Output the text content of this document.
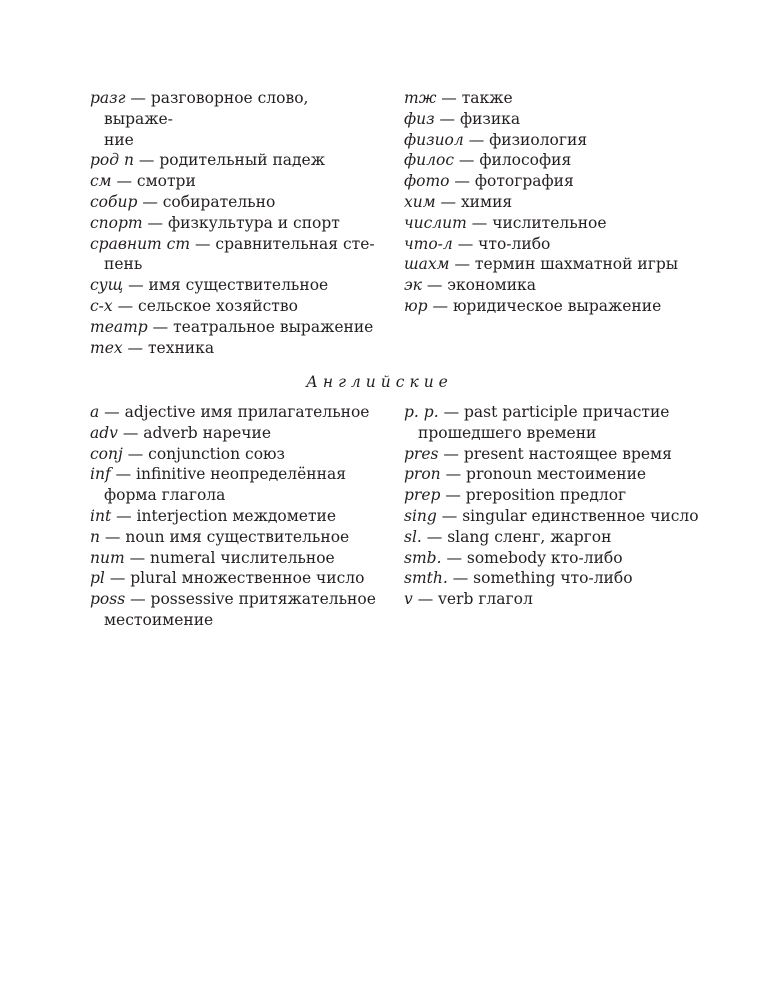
разг — разговорное слово, выраже-
ние
род п — родительный падеж
см — смотри
собир — собирательно
спорт — физкультура и спорт
сравнит ст — сравнительная сте-
пень
сущ — имя существительное
с-х — сельское хозяйство
театр — театральное выражение
тех — техника
тж — также
физ — физика
физиол — физиология
филос — философия
фото — фотография
хим — химия
числит — числительное
что-л — что-либо
шахм — термин шахматной игры
эк — экономика
юр — юридическое выражение
Английские
a — adjective имя прилагательное
adv — adverb наречие
conj — conjunction союз
inf — infinitive неопределённая
форма глагола
int — interjection междометие
n — noun имя существительное
num — numeral числительное
pl — plural множественное число
poss — possessive притяжательное
местоимение
p. p. — past participle причастие
прошедшего времени
pres — present настоящее время
pron — pronoun местоимение
prep — preposition предлог
sing — singular единственное число
sl. — slang сленг, жаргон
smb. — somebody кто-либо
smth. — something что-либо
v — verb глагол
